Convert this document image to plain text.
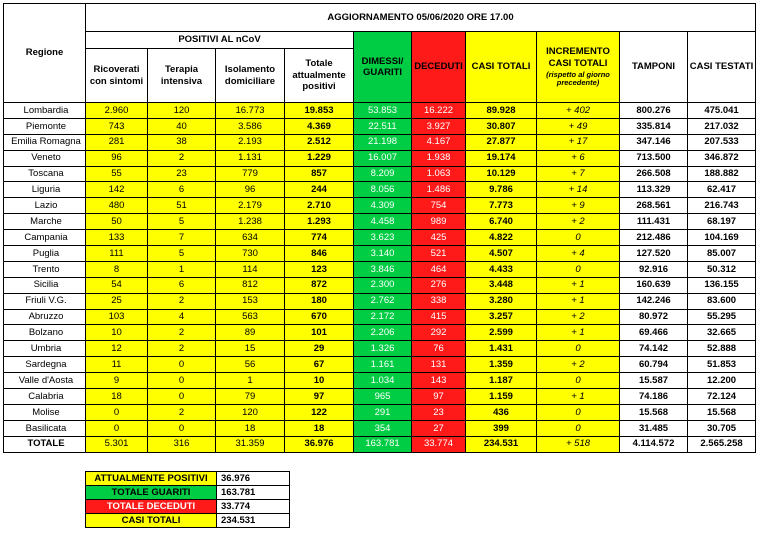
Regione	AGGIORNAMENTO 05/06/2020 ORE 17.00									
	POSITIVI AL nCoV				DIMESSI/ GUARITI	DECEDUTI	CASI TOTALI	INCREMENTO CASI TOTALI
(rispetto al giorno precedente)	TAMPONI	CASI TESTATI
	Ricoverati con sintomi	Terapia intensiva	Isolamento domiciliare	Totale attualmente positivi						
Lombardia	2.960	120	16.773	19.853	53.853	16.222	89.928	+ 402	800.276	475.041
Piemonte	743	40	3.586	4.369	22.511	3.927	30.807	+ 49	335.814	217.032
Emilia Romagna	281	38	2.193	2.512	21.198	4.167	27.877	+ 17	347.146	207.533
Veneto	96	2	1.131	1.229	16.007	1.938	19.174	+ 6	713.500	346.872
Toscana	55	23	779	857	8.209	1.063	10.129	+ 7	266.508	188.882
Liguria	142	6	96	244	8.056	1.486	9.786	+ 14	113.329	62.417
Lazio	480	51	2.179	2.710	4.309	754	7.773	+ 9	268.561	216.743
Marche	50	5	1.238	1.293	4.458	989	6.740	+ 2	111.431	68.197
Campania	133	7	634	774	3.623	425	4.822	0	212.486	104.169
Puglia	111	5	730	846	3.140	521	4.507	+ 4	127.520	85.007
Trento	8	1	114	123	3.846	464	4.433	0	92.916	50.312
Sicilia	54	6	812	872	2.300	276	3.448	+ 1	160.639	136.155
Friuli V.G.	25	2	153	180	2.762	338	3.280	+ 1	142.246	83.600
Abruzzo	103	4	563	670	2.172	415	3.257	+ 2	80.972	55.295
Bolzano	10	2	89	101	2.206	292	2.599	+ 1	69.466	32.665
Umbria	12	2	15	29	1.326	76	1.431	0	74.142	52.888
Sardegna	11	0	56	67	1.161	131	1.359	+ 2	60.794	51.853
Valle d'Aosta	9	0	1	10	1.034	143	1.187	0	15.587	12.200
Calabria	18	0	79	97	965	97	1.159	+ 1	74.186	72.124
Molise	0	2	120	122	291	23	436	0	15.568	15.568
Basilicata	0	0	18	18	354	27	399	0	31.485	30.705
TOTALE	5.301	316	31.359	36.976	163.781	33.774	234.531	+ 518	4.114.572	2.565.258
ATTUALMENTE POSITIVI	36.976
TOTALE GUARITI	163.781
TOTALE DECEDUTI	33.774
CASI TOTALI	234.531
